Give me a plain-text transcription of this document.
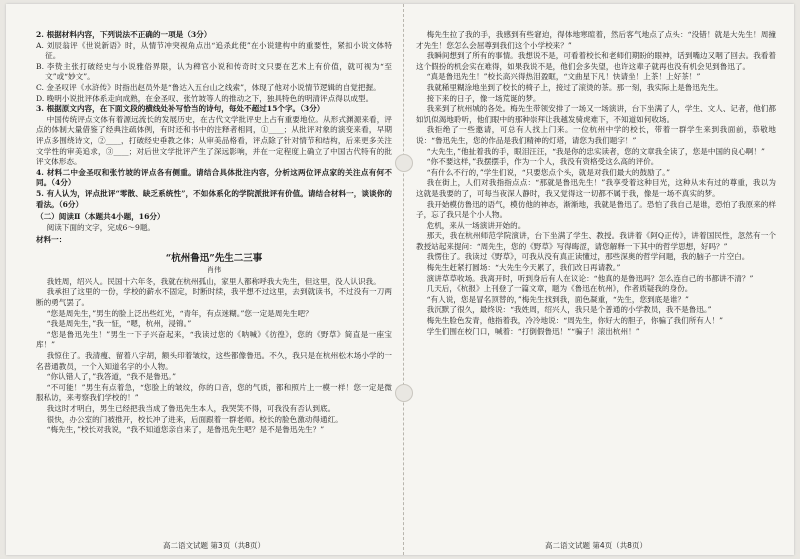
2. 根据材料内容，下列说法不正确的一项是（3分）
A. 刘辰翁评《世说新语》时，从情节冲突视角点出“追杀此使”在小说建构中的重要性，紧扣小说文体特征。
B. 李贽主张打破经史与小说雅俗界限，认为稗官小说和传奇时文只要在艺术上有价值，就可视为“至文”或“妙文”。
C. 金圣叹评《水浒传》时指出赵员外是“鲁达入五台山之线索”，体现了他对小说情节逻辑的自觉把握。
D. 晚明小说批评体系走向成熟，在金圣叹、张竹坡等人的推动之下，独具特色的明清评点得以成型。
3. 根据原文内容，在下面文段的横线处补写恰当的诗句，每处不超过15个字。（3分）
中国传统评点文体有着源远流长的发展历史，在古代文学批评史上占有重要地位。从形式渊源来看，评点的体制大量借鉴了经典注疏体例，有时还和书中的注释者相同，①____；从批评对象的演变来看，早期评点多围绕诗文，②____，打破经史垂教之体；从审美品格看，评点除了针对情节和结构，后来更多关注文学性的审美追求，③____；对后世文学批评产生了深远影响，并在一定程度上确立了中国古代特有的批评文体形态。
4. 材料二中金圣叹和张竹坡的评点各有侧重。请结合具体批注内容，分析这两位评点家的关注点有何不同。（4分）
5. 有人认为，评点批评“零散、缺乏系统性”，不如体系化的学院派批评有价值。请结合材料一，谈谈你的看法。（6分）
（二）阅读Ⅱ（本题共4小题，16分）
阅读下面的文字，完成6～9题。
材料一：
“杭州鲁迅”先生二三事
肖伟
我姓周，绍兴人。民国十六年冬，我就在杭州孤山，家里人都称呼我大先生，但这里，没人认识我。
我承担了这里的一份，学校的薪水不固定，时断时续，我平想不过这里，去到就读书，不过没有一刀两断的勇气罢了。
“您是周先生，”男生的脸上泛出些红光，“青年，有点迷糊。”您一定是周先生吧？
“我是周先生，”我一怔，“嗯，杭州，浸锦。”
“您是鲁迅先生！”男生一下子兴奋起来，“我读过您的《呐喊》《彷徨》，您的《野草》简直是一座宝库！”
我惊住了。我清瘦、留着八字胡，额头印着皱纹，这些都像鲁迅。不久，我只是在杭州松木场小学的一名普通教员，一个入知道名字的小人物。
“你认错人了，”我答道，“我不是鲁迅。”
“不可能！”男生有点着急，“您脸上的皱纹，你的口音，您的气质，都和照片上一模一样！您一定是微服私访，来考察我们学校的！”
我这时才明白，男生已经把我当成了鲁迅先生本人，我哭笑不得，可我没有否认到底。
很快，办公室的门被推开，校长冲了进来，后面跟着一群老师。校长的脸色激动得通红。
“梅先生，”校长对我说，“我不知道您亲自来了，是鲁迅先生吧？是不是鲁迅先生？”
梅先生拉了我的手，我感到有些窘迫，得体地寒暄着，然后客气地点了点头：“没错！就是大先生！周撞才先生！您怎么会屈尊到我们这个小学校来？”
我瞬间想到了所有的事情。我想说不是，可看着校长和老师们期盼的眼神，话到嘴边又咽了回去。我看着这个假扮的机会实在难得，如果我说不是，他们会多失望，也许这辈子就再也没有机会见到鲁迅了。
“真是鲁迅先生！”校长高兴得热泪盈眶，“文曲星下凡！快请坐！上茶！上好茶！”
我就稀里糊涂地坐到了校长的椅子上，接过了滚烫的茶。那一刻，我实际上是鲁迅先生。
接下来的日子，像一场荒诞的梦。
我来到了杭州城的各处。梅先生带领安排了一场又一场演讲，台下坐满了人，学生、文人、记者，他们都如饥似渴地聆听，他们眼中的那种崇拜让我越发骑虎难下，不知道如何收场。
我拒绝了一些邀请，可总有人找上门来。一位杭州中学的校长，带着一群学生来到我面前，恭敬地说：“鲁迅先生，您的作品是我们精神的灯塔，请您为我们题字！”
“大先生，”他扯着我的手，眼泪汪汪，“我是你的忠实读者，您的文章我全读了，您是中国的良心啊！”
“你不要这样，”我摆摆手，作为一个人，我没有资格受这么高的评价。
“有什么不行的，”学生们说，“只要您点个头，就是对我们最大的鼓励了。”
我在街上，人们对我指指点点：“那就是鲁迅先生！”我享受着这种目光，这种从未有过的尊重，我以为这就是我要的了，可每当夜深人静时，我又觉得这一切都不属于我，像是一场不真实的梦。
我开始模仿鲁迅的语气，模仿他的神态，渐渐地，我就是鲁迅了。恐怕了我自己是谁，恐怕了我原来的样子，忘了我只是个小人物。
危机，来从一场演讲开始的。
那天，我在杭州师范学院演讲，台下坐满了学生、教授。我讲着《阿Q正传》，讲着国民性，忽然有一个教授站起来提问：“周先生，您的《野草》写得晦涩，请您解释一下其中的哲学思想，好吗？”
我愣住了。我读过《野草》，可我从没有真正读懂过，那些深奥的哲学问题，我的脑子一片空白。
梅先生赶紧打圆场：“大先生今天累了，我们改日再请教。”
演讲草草收场。我离开时，听到身后有人在议论：“他真的是鲁迅吗？怎么连自己的书都讲不清？”
几天后，《杭报》上刊登了一篇文章，题为《鲁迅在杭州》，作者质疑我的身份。
“有人说，您是冒名顶替的，”梅先生找到我，面色凝重，“先生，您到底是谁？”
我沉默了很久，最终说：“我姓周，绍兴人，我只是个普通的小学教员，我不是鲁迅。”
梅先生脸色发青，他指着我，冷冷地说：“周先生，你好大的胆子，你骗了我们所有人！”
学生们围在校门口，喊着：“打倒假鲁迅！”“骗子！滚出杭州！”
高二语文试题 第3页（共8页）	高二语文试题 第4页（共8页）
